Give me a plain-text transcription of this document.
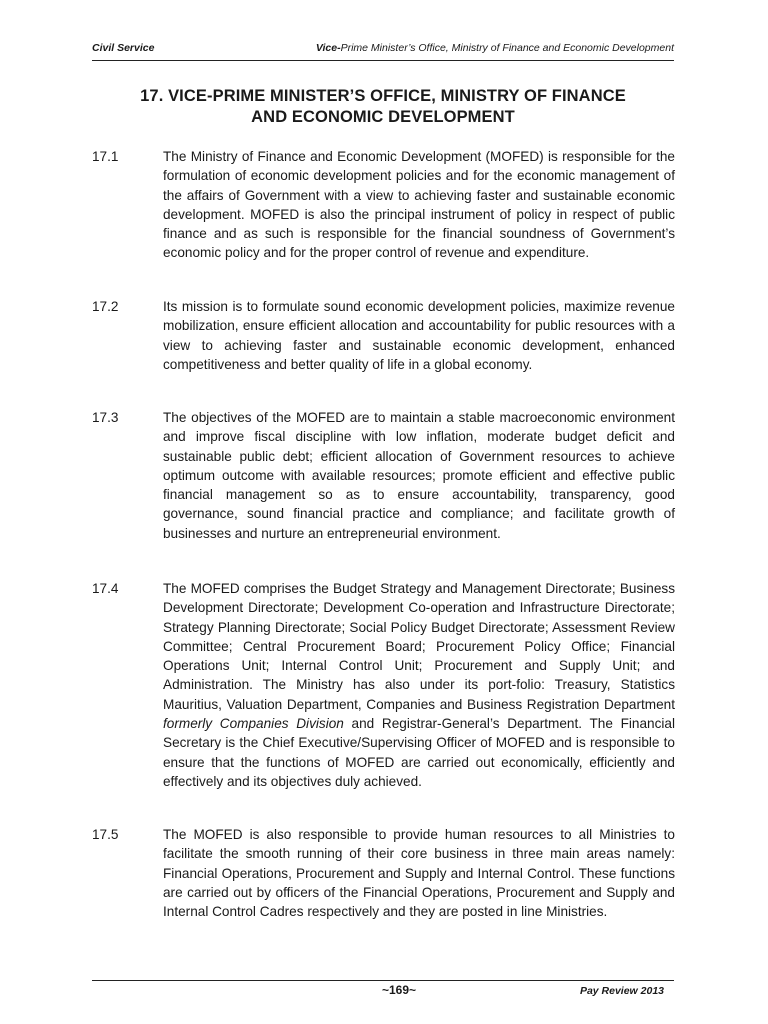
Civil Service	Vice-Prime Minister’s Office, Ministry of Finance and Economic Development
17. VICE-PRIME MINISTER’S OFFICE, MINISTRY OF FINANCE
AND ECONOMIC DEVELOPMENT
17.1	The Ministry of Finance and Economic Development (MOFED) is responsible for the formulation of economic development policies and for the economic management of the affairs of Government with a view to achieving faster and sustainable economic development. MOFED is also the principal instrument of policy in respect of public finance and as such is responsible for the financial soundness of Government’s economic policy and for the proper control of revenue and expenditure.
17.2	Its mission is to formulate sound economic development policies, maximize revenue mobilization, ensure efficient allocation and accountability for public resources with a view to achieving faster and sustainable economic development, enhanced competitiveness and better quality of life in a global economy.
17.3	The objectives of the MOFED are to maintain a stable macroeconomic environment and improve fiscal discipline with low inflation, moderate budget deficit and sustainable public debt; efficient allocation of Government resources to achieve optimum outcome with available resources; promote efficient and effective public financial management so as to ensure accountability, transparency, good governance, sound financial practice and compliance; and facilitate growth of businesses and nurture an entrepreneurial environment.
17.4	The MOFED comprises the Budget Strategy and Management Directorate; Business Development Directorate; Development Co-operation and Infrastructure Directorate; Strategy Planning Directorate; Social Policy Budget Directorate; Assessment Review Committee; Central Procurement Board; Procurement Policy Office; Financial Operations Unit; Internal Control Unit; Procurement and Supply Unit; and Administration. The Ministry has also under its port-folio: Treasury, Statistics Mauritius, Valuation Department, Companies and Business Registration Department formerly Companies Division and Registrar-General’s Department. The Financial Secretary is the Chief Executive/Supervising Officer of MOFED and is responsible to ensure that the functions of MOFED are carried out economically, efficiently and effectively and its objectives duly achieved.
17.5	The MOFED is also responsible to provide human resources to all Ministries to facilitate the smooth running of their core business in three main areas namely: Financial Operations, Procurement and Supply and Internal Control. These functions are carried out by officers of the Financial Operations, Procurement and Supply and Internal Control Cadres respectively and they are posted in line Ministries.
~169~	Pay Review 2013
